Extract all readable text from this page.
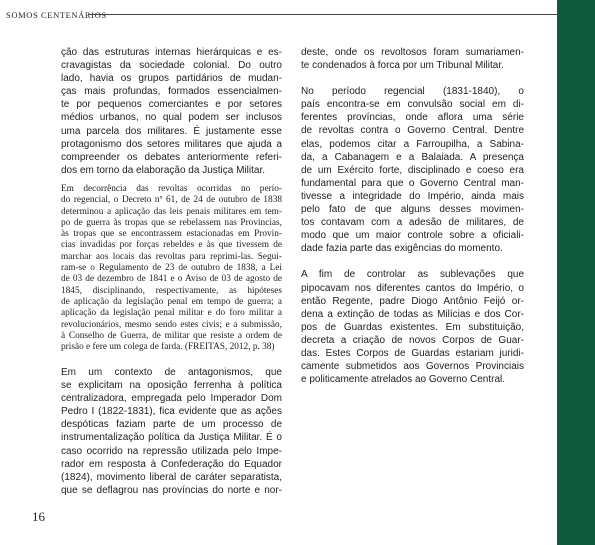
SOMOS CENTENÁRIOS
ção das estruturas internas hierárquicas e es-
cravagistas da sociedade colonial. Do outro
lado, havia os grupos partidários de mudan-
ças mais profundas, formados essencialmen-
te por pequenos comerciantes e por setores
médios urbanos, no qual podem ser inclusos
uma parcela dos militares. É justamente esse
protagonismo dos setores militares que ajuda a
compreender os debates anteriormente referi-
dos em torno da elaboração da Justiça Militar.
Em decorrência das revoltas ocorridas no perío-
do regencial, o Decreto nº 61, de 24 de outubro de 1838
determinou a aplicação das leis penais militares em tem-
po de guerra às tropas que se rebelassem nas Provincias,
às tropas que se encontrassem estacionadas em Provin-
cias invadidas por forças rebeldes e às que tivessem de
marchar aos locais das revoltas para reprimi-las. Segui-
ram-se o Regulamento de 23 de outubro de 1838, a Lei
de 03 de dezembro de 1841 e o Aviso de 03 de agosto de
1845, disciplinando, respectivamente, as hipóteses
de aplicação da legislação penal em tempo de guerra; a
aplicação da legislação penal militar e do foro militar a
revolucionários, mesmo sendo estes civis; e a submissão,
à Conselho de Guerra, de militar que resiste a ordem de
prisão e fere um colega de farda. (FREITAS, 2012, p. 38)
Em um contexto de antagonismos, que
se explicitam na oposição ferrenha à política
centralizadora, empregada pelo Imperador Dom
Pedro I (1822-1831), fica evidente que as ações
despóticas faziam parte de um processo de
instrumentalização política da Justiça Militar. É o
caso ocorrido na repressão utilizada pelo Impe-
rador em resposta à Confederação do Equador
(1824), movimento liberal de caráter separatista,
que se deflagrou nas províncias do norte e nor-
deste, onde os revoltosos foram sumariamen-
te condenados à forca por um Tribunal Militar.
No período regencial (1831-1840), o
país encontra-se em convulsão social em di-
ferentes províncias, onde aflora uma série
de revoltas contra o Governo Central. Dentre
elas, podemos citar a Farroupilha, a Sabina-
da, a Cabanagem e a Balaiada. A presença
de um Exército forte, disciplinado e coeso era
fundamental para que o Governo Central man-
tivesse a integridade do Império, ainda mais
pelo fato de que alguns desses movimen-
tos contavam com a adesão de militares, de
modo que um maior controle sobre a oficiali-
dade fazia parte das exigências do momento.
A fim de controlar as sublevações que
pipocavam nos diferentes cantos do Império, o
então Regente, padre Diogo Antônio Feijó or-
dena a extinção de todas as Milícias e dos Cor-
pos de Guardas existentes. Em substituição,
decreta a criação de novos Corpos de Guar-
das. Estes Corpos de Guardas estariam juridi-
camente submetidos aos Governos Provinciais
e politicamente atrelados ao Governo Central.
16
